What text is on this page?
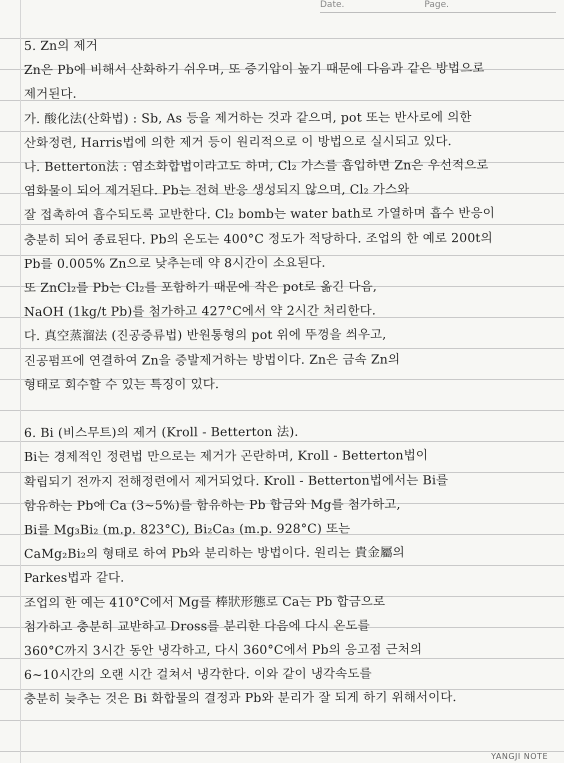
Date.	Page.
5. Zn의 제거
Zn은 Pb에 비해서 산화하기 쉬우며, 또 증기압이 높기 때문에 다음과 같은 방법으로
제거된다.
가. 酸化法(산화법) : Sb, As 등을 제거하는 것과 같으며, pot 또는 반사로에 의한
산화정련, Harris법에 의한 제거 등이 원리적으로 이 방법으로 실시되고 있다.
나. Betterton法 : 염소화합법이라고도 하며, Cl₂ 가스를 흡입하면 Zn은 우선적으로
염화물이 되어 제거된다. Pb는 전혀 반응 생성되지 않으며, Cl₂ 가스와
잘 접촉하여 흡수되도록 교반한다. Cl₂ bomb는 water bath로 가열하며 흡수 반응이
충분히 되어 종료된다. Pb의 온도는 400°C 정도가 적당하다. 조업의 한 예로 200t의
Pb를 0.005% Zn으로 낮추는데 약 8시간이 소요된다.
또 ZnCl₂를 Pb는 Cl₂를 포함하기 때문에 작은 pot로 옮긴 다음,
NaOH (1kg/t Pb)를 첨가하고 427°C에서 약 2시간 처리한다.
다. 真空蒸溜法 (진공증류법) 반원통형의 pot 위에 뚜껑을 씌우고,
진공펌프에 연결하여 Zn을 증발제거하는 방법이다. Zn은 금속 Zn의
형태로 회수할 수 있는 특징이 있다.
6. Bi (비스무트)의 제거 (Kroll - Betterton 法).
Bi는 경제적인 정련법 만으로는 제거가 곤란하며, Kroll - Betterton법이
확립되기 전까지 전해정련에서 제거되었다. Kroll - Betterton법에서는 Bi를
함유하는 Pb에 Ca (3~5%)를 함유하는 Pb 합금와 Mg를 첨가하고,
Bi를 Mg₃Bi₂ (m.p. 823°C), Bi₂Ca₃ (m.p. 928°C) 또는
CaMg₂Bi₂의 형태로 하여 Pb와 분리하는 방법이다. 원리는 貴金屬의
Parkes법과 같다.
조업의 한 예는 410°C에서 Mg를 棒狀形態로 Ca는 Pb 합금으로
첨가하고 충분히 교반하고 Dross를 분리한 다음에 다시 온도를
360°C까지 3시간 동안 냉각하고, 다시 360°C에서 Pb의 응고점 근처의
6~10시간의 오랜 시간 걸쳐서 냉각한다. 이와 같이 냉각속도를
충분히 늦추는 것은 Bi 화합물의 결정과 Pb와 분리가 잘 되게 하기 위해서이다.
YANGJI NOTE
